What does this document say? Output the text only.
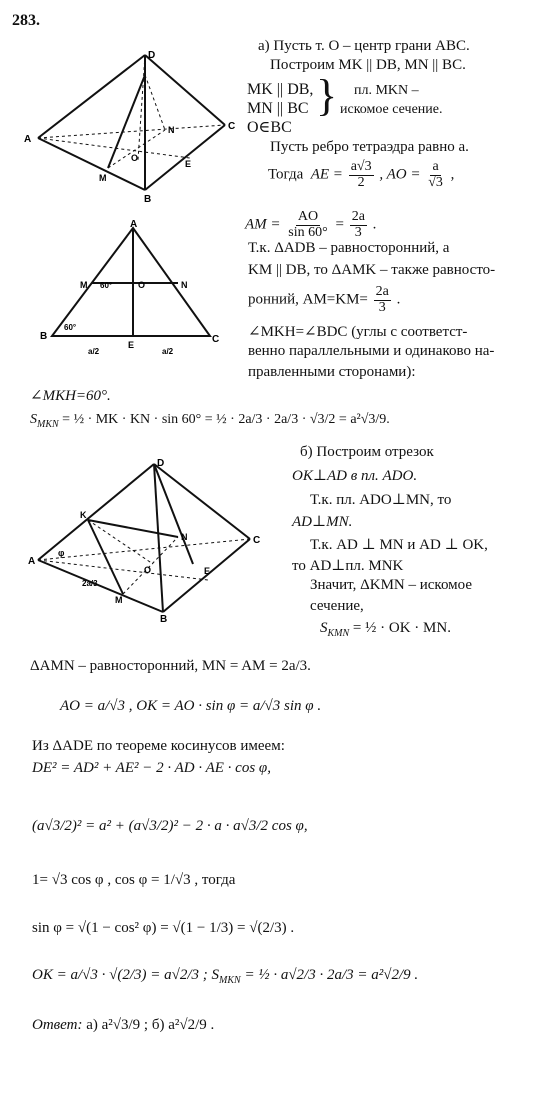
283.
D
A
C
B
M
N
O
E
а) Пусть т. O – центр грани ABC.
Построим MK || DB, MN || BC.
MK || DB,
MN || BC
O∈BC
} пл. MKN –
искомое сечение.
Пусть ребро тетраэдра равно a.
Тогда AE = $\frac{a√3}{2}$ , AO = $\frac{a}{√3}$ ,
AM = $\frac{AO}{\sin 60^\circ} = \frac{2a}{3}$ .
A
B	C
M	N
O
E
60°
60°
a/2	a/2
Т.к. ΔADB – равносторонний, а
KM || DB, то ΔAMK – также равносто-
ронний, $AM=KM= \frac{2a}{3}$ .
∠MKH=∠BDC (углы с соответст-
венно параллельными и одинаково на-
правленными сторонами):
∠MKH=60°.
$S_{MKN}$ = ½ · MK · KN · sin 60° = ½ · 2a/3 · 2a/3 · √3/2 = a²√3/9.
D
A
C
B
K
M
N
O	E
φ
2a/3
б) Построим отрезок
OK⊥AD в пл. ADO.
Т.к. пл. ADO⊥MN, то
AD⊥MN.
Т.к. AD ⊥ MN и AD ⊥ OK,
то AD⊥пл. MNK
Значит, ΔKMN – искомое
сечение,
$S_{KMN}$ = ½ · OK · MN.
ΔAMN – равносторонний, MN = AM = 2a/3.
AO = a/√3 , OK = AO · sin φ = a/√3 sin φ .
Из ΔADE по теореме косинусов имеем:
DE² = AD² + AE² − 2 · AD · AE · cos φ,
(a√3/2)² = a² + (a√3/2)² − 2 · a · a√3/2 cos φ,
1= √3 cos φ , cos φ = 1/√3 , тогда
sin φ = √(1 − cos² φ) = √(1 − 1/3) = √(2/3) .
OK = a/√3 · √(2/3) = a√2/3 ; $S_{MKN}$ = ½ · a√2/3 · 2a/3 = a²√2/9 .
Ответ: а) a²√3/9 ; б) a²√2/9 .
